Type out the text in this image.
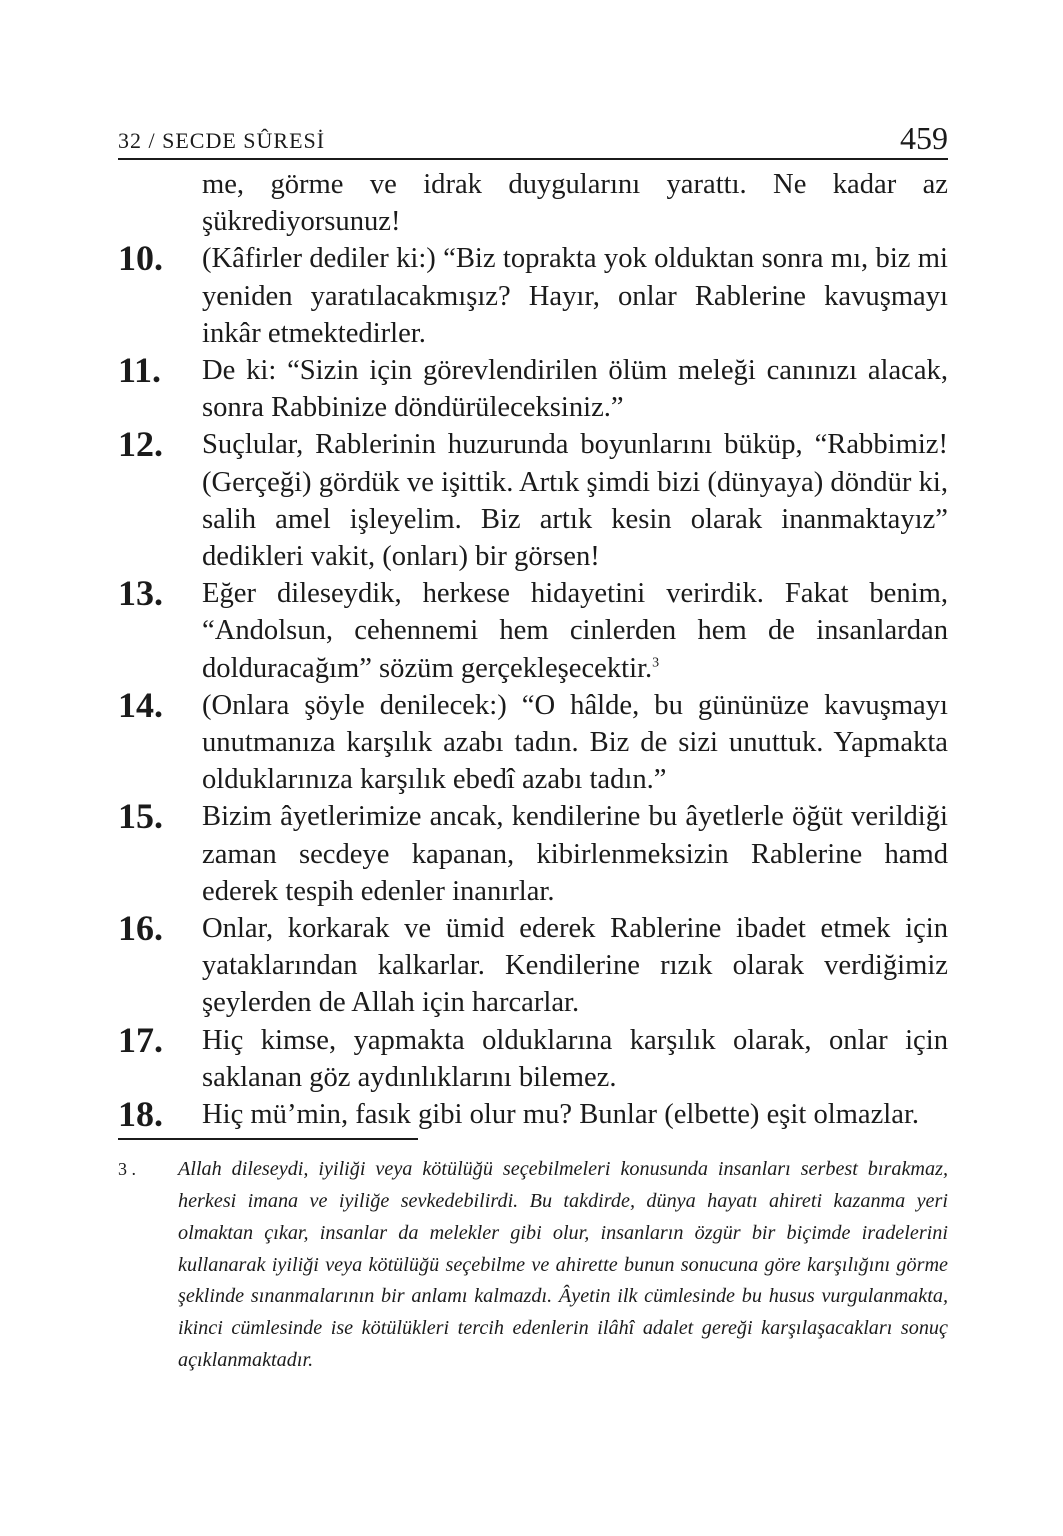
32 / SECDE SÛRESİ	459
me, görme ve idrak duygularını yarattı. Ne kadar az şükrediyorsunuz!
10.	(Kâfirler dediler ki:) “Biz toprakta yok olduktan sonra mı, biz mi yeniden yaratılacakmışız? Hayır, onlar Rablerine kavuşmayı inkâr etmektedirler.
11.	De ki: “Sizin için görevlendirilen ölüm meleği canınızı alacak, sonra Rabbinize döndürüleceksiniz.”
12.	Suçlular, Rablerinin huzurunda boyunlarını büküp, “Rabbimiz! (Gerçeği) gördük ve işittik. Artık şimdi bizi (dünyaya) döndür ki, salih amel işleyelim. Biz artık kesin olarak inanmaktayız” dedikleri vakit, (onları) bir görsen!
13.	Eğer dileseydik, herkese hidayetini verirdik. Fakat benim, “Andolsun, cehennemi hem cinlerden hem de insanlardan dolduracağım” sözüm gerçekleşecektir.$^3$
14.	(Onlara şöyle denilecek:) “O hâlde, bu gününüze kavuşmayı unutmanıza karşılık azabı tadın. Biz de sizi unuttuk. Yapmakta olduklarınıza karşılık ebedî azabı tadın.”
15.	Bizim âyetlerimize ancak, kendilerine bu âyetlerle öğüt verildiği zaman secdeye kapanan, kibirlenmeksizin Rablerine hamd ederek tespih edenler inanırlar.
16.	Onlar, korkarak ve ümid ederek Rablerine ibadet etmek için yataklarından kalkarlar. Kendilerine rızık olarak verdiğimiz şeylerden de Allah için harcarlar.
17.	Hiç kimse, yapmakta olduklarına karşılık olarak, onlar için saklanan göz aydınlıklarını bilemez.
18.	Hiç mü’min, fasık gibi olur mu? Bunlar (elbette) eşit olmazlar.
3 .	Allah dileseydi, iyiliği veya kötülüğü seçebilmeleri konusunda insanları serbest bırakmaz, herkesi imana ve iyiliğe sevkedebilirdi. Bu takdirde, dünya hayatı ahireti kazanma yeri olmaktan çıkar, insanlar da melekler gibi olur, insanların özgür bir biçimde iradelerini kullanarak iyiliği veya kötülüğü seçebilme ve ahirette bunun sonucuna göre karşılığını görme şeklinde sınanmalarının bir anlamı kalmazdı. Âyetin ilk cümlesinde bu husus vurgulanmakta, ikinci cümlesinde ise kötülükleri tercih edenlerin ilâhî adalet gereği karşılaşacakları sonuç açıklanmaktadır.
